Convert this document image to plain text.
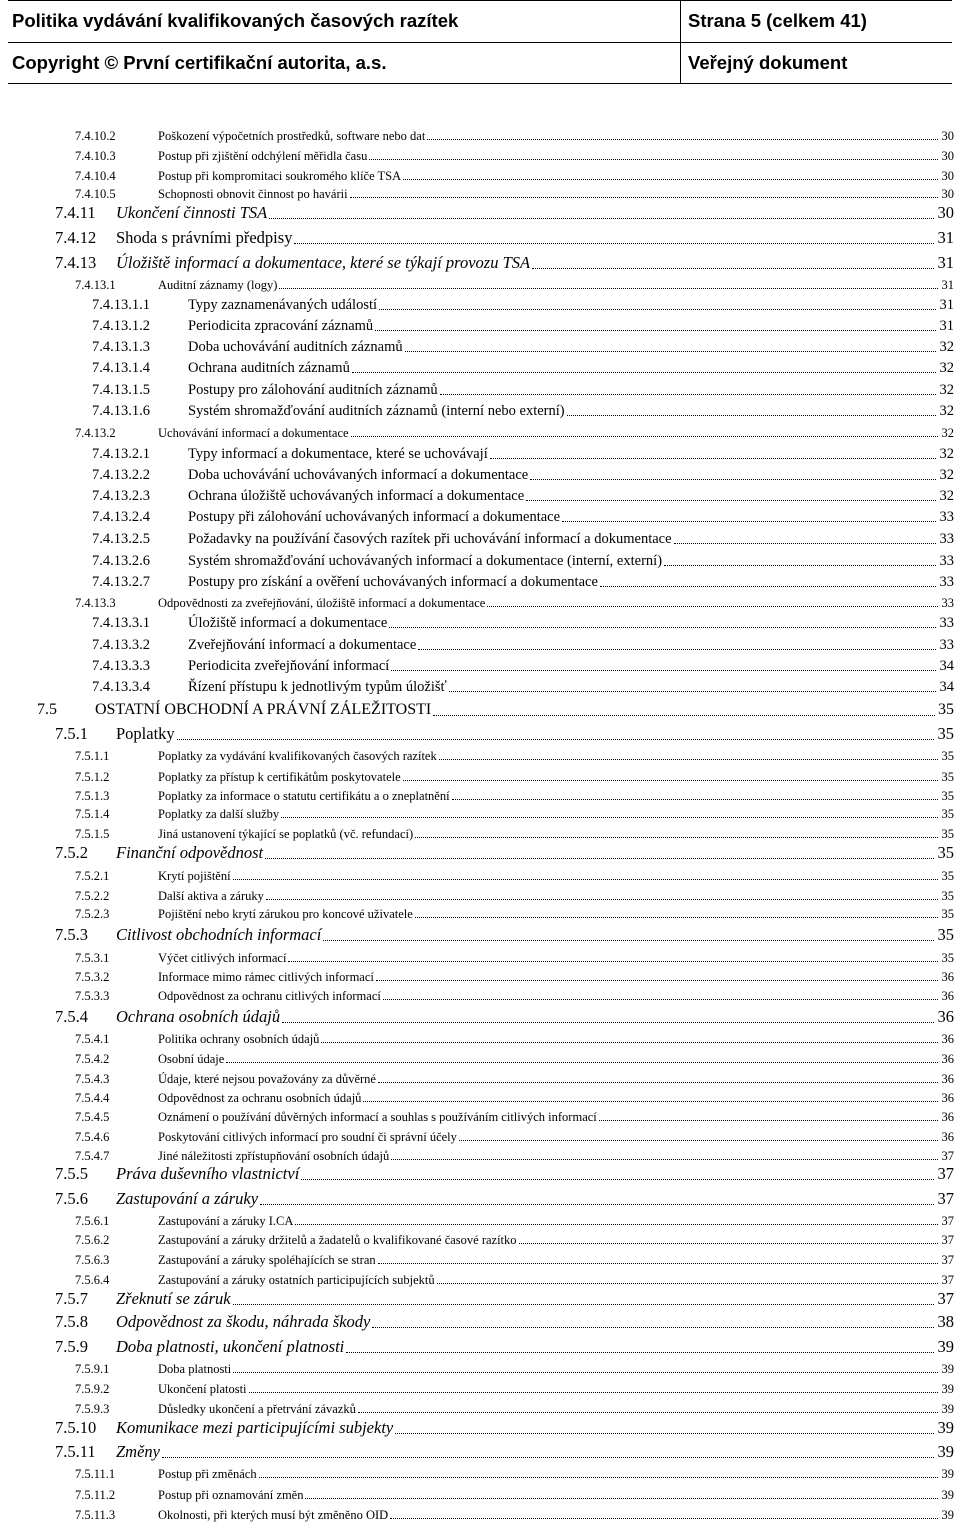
Politika vydávání kvalifikovaných časových razítek	Strana 5 (celkem 41)
Copyright © První certifikační autorita, a.s.	Veřejný dokument
7.4.10.2	Poškození výpočetních prostředků, software nebo dat	30
7.4.10.3	Postup při zjištění odchýlení měřidla času	30
7.4.10.4	Postup při kompromitaci soukromého klíče TSA	30
7.4.10.5	Schopnosti obnovit činnost po havárii	30
7.4.11 Ukončení činnosti TSA	30
7.4.12 Shoda s právními předpisy	31
7.4.13 Úložiště informací a dokumentace, které se týkají provozu TSA	31
7.4.13.1	Auditní záznamy (logy)	31
7.4.13.1.1	Typy zaznamenávaných událostí	31
7.4.13.1.2	Periodicita zpracování záznamů	31
7.4.13.1.3	Doba uchovávání auditních záznamů	32
7.4.13.1.4	Ochrana auditních záznamů	32
7.4.13.1.5	Postupy pro zálohování auditních záznamů	32
7.4.13.1.6	Systém shromažďování auditních záznamů (interní nebo externí)	32
7.4.13.2	Uchovávání informací a dokumentace	32
7.4.13.2.1	Typy informací a dokumentace, které se uchovávají	32
7.4.13.2.2	Doba uchovávání uchovávaných informací a dokumentace	32
7.4.13.2.3	Ochrana úložiště uchovávaných informací a dokumentace	32
7.4.13.2.4	Postupy při zálohování uchovávaných informací a dokumentace	33
7.4.13.2.5	Požadavky na používání časových razítek při uchovávání informací a dokumentace	33
7.4.13.2.6	Systém shromažďování uchovávaných informací a dokumentace (interní, externí)	33
7.4.13.2.7	Postupy pro získání a ověření uchovávaných informací a dokumentace	33
7.4.13.3	Odpovědnosti za zveřejňování, úložiště informací a dokumentace	33
7.4.13.3.1	Úložiště informací a dokumentace	33
7.4.13.3.2	Zveřejňování informací a dokumentace	33
7.4.13.3.3	Periodicita zveřejňování informací	34
7.4.13.3.4	Řízení přístupu k jednotlivým typům úložišť	34
7.5 OSTATNÍ OBCHODNÍ A PRÁVNÍ ZÁLEŽITOSTI	35
7.5.1 Poplatky	35
7.5.1.1	Poplatky za vydávání kvalifikovaných časových razítek	35
7.5.1.2	Poplatky za přístup k certifikátům poskytovatele	35
7.5.1.3	Poplatky za informace o statutu certifikátu a o zneplatnění	35
7.5.1.4	Poplatky za další služby	35
7.5.1.5	Jiná ustanovení týkající se poplatků (vč. refundací)	35
7.5.2 Finanční odpovědnost	35
7.5.2.1	Krytí pojištění	35
7.5.2.2	Další aktiva a záruky	35
7.5.2.3	Pojištění nebo krytí zárukou pro koncové uživatele	35
7.5.3 Citlivost obchodních informací	35
7.5.3.1	Výčet citlivých informací	35
7.5.3.2	Informace mimo rámec citlivých informací	36
7.5.3.3	Odpovědnost za ochranu citlivých informací	36
7.5.4 Ochrana osobních údajů	36
7.5.4.1	Politika ochrany osobních údajů	36
7.5.4.2	Osobní údaje	36
7.5.4.3	Údaje, které nejsou považovány za důvěrné	36
7.5.4.4	Odpovědnost za ochranu osobních údajů	36
7.5.4.5	Oznámení o používání důvěrných informací a souhlas s používáním citlivých informací	36
7.5.4.6	Poskytování citlivých informací pro soudní či správní účely	36
7.5.4.7	Jiné náležitosti zpřístupňování osobních údajů	37
7.5.5 Práva duševního vlastnictví	37
7.5.6 Zastupování a záruky	37
7.5.6.1	Zastupování a záruky I.CA	37
7.5.6.2	Zastupování a záruky držitelů a žadatelů o kvalifikované časové razítko	37
7.5.6.3	Zastupování a záruky spoléhajících se stran	37
7.5.6.4	Zastupování a záruky ostatních participujících subjektů	37
7.5.7 Zřeknutí se záruk	37
7.5.8 Odpovědnost za škodu, náhrada škody	38
7.5.9 Doba platnosti, ukončení platnosti	39
7.5.9.1	Doba platnosti	39
7.5.9.2	Ukončení platosti	39
7.5.9.3	Důsledky ukončení a přetrvání závazků	39
7.5.10 Komunikace mezi participujícími subjekty	39
7.5.11 Změny	39
7.5.11.1	Postup při změnách	39
7.5.11.2	Postup při oznamování změn	39
7.5.11.3	Okolnosti, při kterých musí být změněno OID	39
